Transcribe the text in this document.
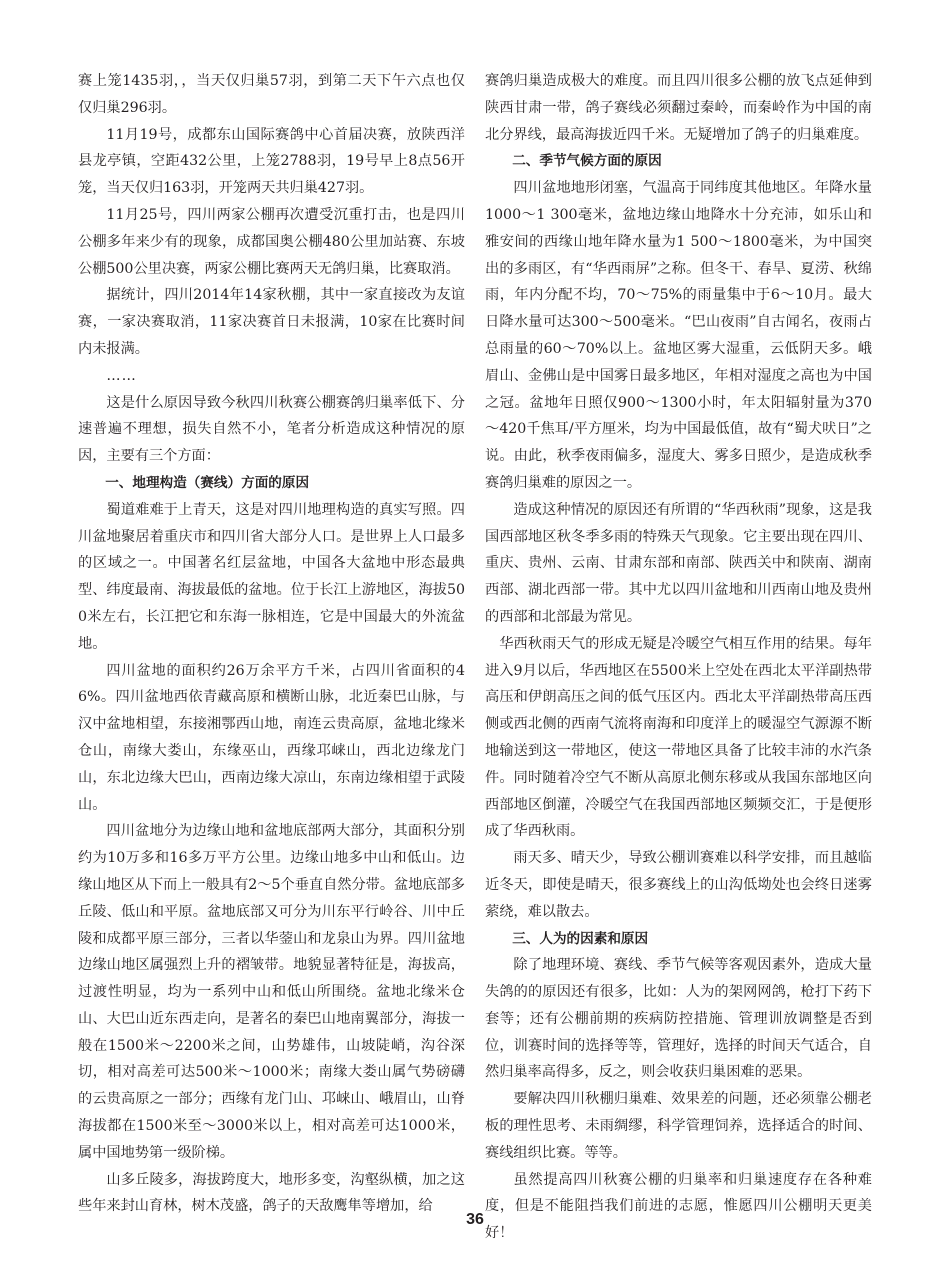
赛上笼1435羽，，当天仅归巢57羽，到第二天下午六点也仅仅归巢296羽。

11月19号，成都东山国际赛鸽中心首届决赛，放陕西洋县龙亭镇，空距432公里，上笼2788羽，19号早上8点56开笼，当天仅归163羽，开笼两天共归巢427羽。

11月25号，四川两家公棚再次遭受沉重打击，也是四川公棚多年来少有的现象，成都国奥公棚480公里加站赛、东坡公棚500公里决赛，两家公棚比赛两天无鸽归巢，比赛取消。

据统计，四川2014年14家秋棚，其中一家直接改为友谊赛，一家决赛取消，11家决赛首日未报满，10家在比赛时间内未报满。

……

这是什么原因导致今秋四川秋赛公棚赛鸽归巢率低下、分速普遍不理想，损失自然不小，笔者分析造成这种情况的原因，主要有三个方面：

一、地理构造（赛线）方面的原因

蜀道难难于上青天，这是对四川地理构造的真实写照。四川盆地聚居着重庆市和四川省大部分人口。是世界上人口最多的区域之一。中国著名红层盆地，中国各大盆地中形态最典型、纬度最南、海拔最低的盆地。位于长江上游地区，海拔500米左右，长江把它和东海一脉相连，它是中国最大的外流盆地。

四川盆地的面积约26万余平方千米，占四川省面积的46%。四川盆地西依青藏高原和横断山脉，北近秦巴山脉，与汉中盆地相望，东接湘鄂西山地，南连云贵高原，盆地北缘米仓山，南缘大娄山，东缘巫山，西缘邛崃山，西北边缘龙门山，东北边缘大巴山，西南边缘大凉山，东南边缘相望于武陵山。

四川盆地分为边缘山地和盆地底部两大部分，其面积分别约为10万多和16多万平方公里。边缘山地多中山和低山。边缘山地区从下而上一般具有2～5个垂直自然分带。盆地底部多丘陵、低山和平原。盆地底部又可分为川东平行岭谷、川中丘陵和成都平原三部分，三者以华蓥山和龙泉山为界。四川盆地边缘山地区属强烈上升的褶皱带。地貌显著特征是，海拔高，过渡性明显，均为一系列中山和低山所围绕。盆地北缘米仓山、大巴山近东西走向，是著名的秦巴山地南翼部分，海拔一般在1500米～2200米之间，山势雄伟，山坡陡峭，沟谷深切，相对高差可达500米～1000米；南缘大娄山属气势磅礴的云贵高原之一部分；西缘有龙门山、邛崃山、峨眉山，山脊海拔都在1500米至～3000米以上，相对高差可达1000米，属中国地势第一级阶梯。

山多丘陵多，海拔跨度大，地形多变，沟壑纵横，加之这些年来封山育林，树木茂盛，鸽子的天敌鹰隼等增加，给

赛鸽归巢造成极大的难度。而且四川很多公棚的放飞点延伸到陕西甘肃一带，鸽子赛线必须翻过秦岭，而秦岭作为中国的南北分界线，最高海拔近四千米。无疑增加了鸽子的归巢难度。

二、季节气候方面的原因

四川盆地地形闭塞，气温高于同纬度其他地区。年降水量1000～1 300毫米，盆地边缘山地降水十分充沛，如乐山和雅安间的西缘山地年降水量为1 500～1800毫米，为中国突出的多雨区，有“华西雨屏”之称。但冬干、春旱、夏涝、秋绵雨，年内分配不均，70～75%的雨量集中于6～10月。最大日降水量可达300～500毫米。“巴山夜雨”自古闻名，夜雨占总雨量的60～70%以上。盆地区雾大湿重，云低阴天多。峨眉山、金佛山是中国雾日最多地区，年相对湿度之高也为中国之冠。盆地年日照仅900～1300小时，年太阳辐射量为370～420千焦耳/平方厘米，均为中国最低值，故有“蜀犬吠日”之说。由此，秋季夜雨偏多，湿度大、雾多日照少，是造成秋季赛鸽归巢难的原因之一。

造成这种情况的原因还有所谓的“华西秋雨”现象，这是我国西部地区秋冬季多雨的特殊天气现象。它主要出现在四川、重庆、贵州、云南、甘肃东部和南部、陕西关中和陕南、湖南西部、湖北西部一带。其中尤以四川盆地和川西南山地及贵州的西部和北部最为常见。

华西秋雨天气的形成无疑是冷暖空气相互作用的结果。每年进入9月以后，华西地区在5500米上空处在西北太平洋副热带高压和伊朗高压之间的低气压区内。西北太平洋副热带高压西侧或西北侧的西南气流将南海和印度洋上的暖湿空气源源不断地输送到这一带地区，使这一带地区具备了比较丰沛的水汽条件。同时随着冷空气不断从高原北侧东移或从我国东部地区向西部地区倒灌，冷暖空气在我国西部地区频频交汇，于是便形成了华西秋雨。

雨天多、晴天少，导致公棚训赛难以科学安排，而且越临近冬天，即使是晴天，很多赛线上的山沟低坳处也会终日迷雾萦绕，难以散去。

三、人为的因素和原因

除了地理环境、赛线、季节气候等客观因素外，造成大量失鸽的的原因还有很多，比如：人为的架网网鸽，枪打下药下套等；还有公棚前期的疾病防控措施、管理训放调整是否到位，训赛时间的选择等等，管理好，选择的时间天气适合，自然归巢率高得多，反之，则会收获归巢困难的恶果。

要解决四川秋棚归巢难、效果差的问题，还必须靠公棚老板的理性思考、未雨绸缪，科学管理饲养，选择适合的时间、赛线组织比赛。等等。

虽然提高四川秋赛公棚的归巢率和归巢速度存在各种难度，但是不能阻挡我们前进的志愿，惟愿四川公棚明天更美好！

36
